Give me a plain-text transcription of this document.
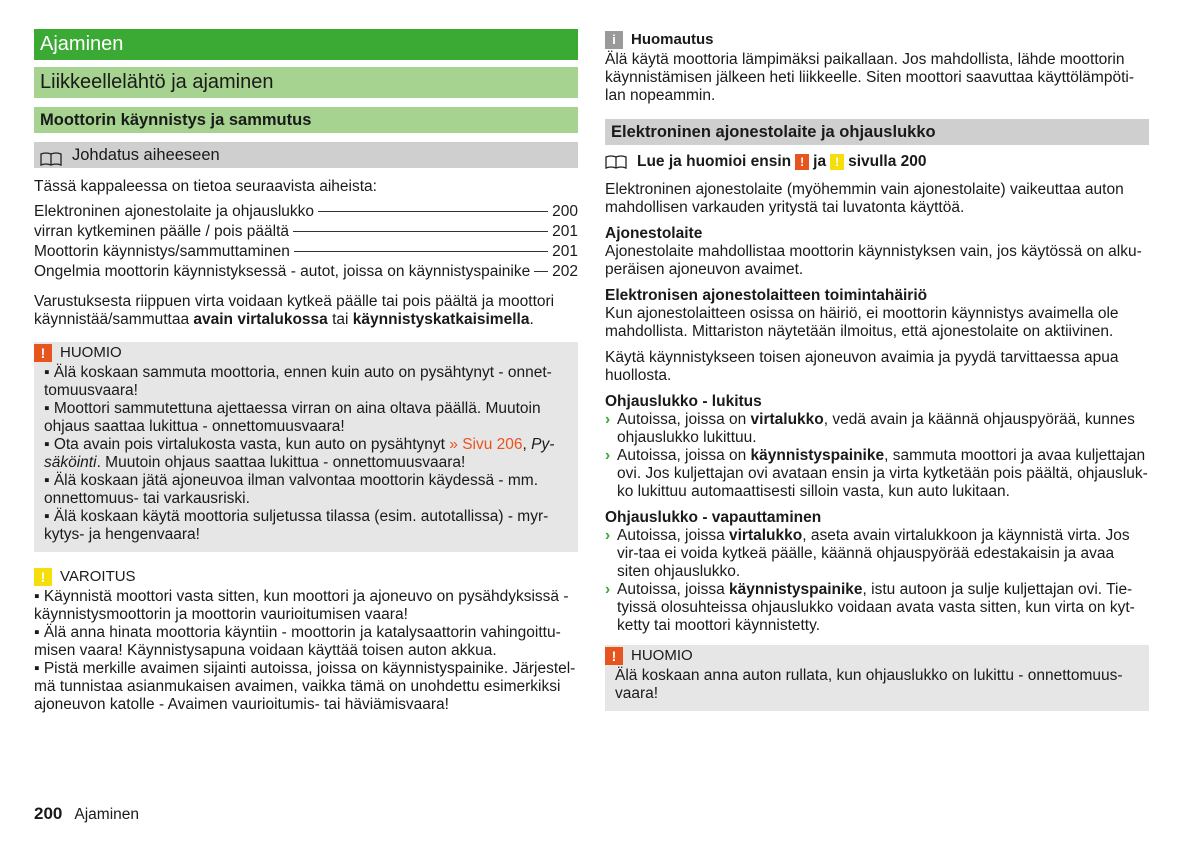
Ajaminen
Liikkeellelähtö ja ajaminen
Moottorin käynnistys ja sammutus
Johdatus aiheeseen
Tässä kappaleessa on tietoa seuraavista aiheista:
Elektroninen ajonestolaite ja ohjauslukko	200
virran kytkeminen päälle / pois päältä	201
Moottorin käynnistys/sammuttaminen	201
Ongelmia moottorin käynnistyksessä - autot, joissa on käynnistyspainike 202
Varustuksesta riippuen virta voidaan kytkeä päälle tai pois päältä ja moottori käynnistää/sammuttaa avain virtalukossa tai käynnistyskatkaisimella.
! HUOMIO
▪ Älä koskaan sammuta moottoria, ennen kuin auto on pysähtynyt - onnet-tomuusvaara!
▪ Moottori sammutettuna ajettaessa virran on aina oltava päällä. Muutoin ohjaus saattaa lukittua - onnettomuusvaara!
▪ Ota avain pois virtalukosta vasta, kun auto on pysähtynyt » Sivu 206, Py-säköinti. Muutoin ohjaus saattaa lukittua - onnettomuusvaara!
▪ Älä koskaan jätä ajoneuvoa ilman valvontaa moottorin käydessä - mm. onnettomuus- tai varkausriski.
▪ Älä koskaan käytä moottoria suljetussa tilassa (esim. autotallissa) - myr-kytys- ja hengenvaara!
! VAROITUS
▪ Käynnistä moottori vasta sitten, kun moottori ja ajoneuvo on pysähdyksissä - käynnistysmoottorin ja moottorin vaurioitumisen vaara!
▪ Älä anna hinata moottoria käyntiin - moottorin ja katalysaattorin vahingoittu-misen vaara! Käynnistysapuna voidaan käyttää toisen auton akkua.
▪ Pistä merkille avaimen sijainti autoissa, joissa on käynnistyspainike. Järjestel-mä tunnistaa asianmukaisen avaimen, vaikka tämä on unohdettu esimerkiksi ajoneuvon katolle - Avaimen vaurioitumis- tai häviämisvaara!
i	Huomautus
Älä käytä moottoria lämpimäksi paikallaan. Jos mahdollista, lähde moottorin käynnistämisen jälkeen heti liikkeelle. Siten moottori saavuttaa käyttölämpöti-lan nopeammin.
Elektroninen ajonestolaite ja ohjauslukko
Lue ja huomioi ensin ! ja ! sivulla 200
Elektroninen ajonestolaite (myöhemmin vain ajonestolaite) vaikeuttaa auton mahdollisen varkauden yritystä tai luvatonta käyttöä.
Ajonestolaite
Ajonestolaite mahdollistaa moottorin käynnistyksen vain, jos käytössä on alku-peräisen ajoneuvon avaimet.
Elektronisen ajonestolaitteen toimintahäiriö
Kun ajonestolaitteen osissa on häiriö, ei moottorin käynnistys avaimella ole mahdollista. Mittariston näytetään ilmoitus, että ajonestolaite on aktiivinen.
Käytä käynnistykseen toisen ajoneuvon avaimia ja pyydä tarvittaessa apua huollosta.
Ohjauslukko - lukitus
› Autoissa, joissa on virtalukko, vedä avain ja käännä ohjauspyörää, kunnes ohjauslukko lukittuu.
› Autoissa, joissa on käynnistyspainike, sammuta moottori ja avaa kuljettajan ovi. Jos kuljettajan ovi avataan ensin ja virta kytketään pois päältä, ohjausluk-ko lukittuu automaattisesti silloin vasta, kun auto lukitaan.
Ohjauslukko - vapauttaminen
› Autoissa, joissa virtalukko, aseta avain virtalukkoon ja käynnistä virta. Jos vir-taa ei voida kytkeä päälle, käännä ohjauspyörää edestakaisin ja avaa siten ohjauslukko.
› Autoissa, joissa käynnistyspainike, istu autoon ja sulje kuljettajan ovi. Tie-tyissä olosuhteissa ohjauslukko voidaan avata vasta sitten, kun virta on kyt-ketty tai moottori käynnistetty.
! HUOMIO
Älä koskaan anna auton rullata, kun ohjauslukko on lukittu - onnettomuus-vaara!
200 Ajaminen
